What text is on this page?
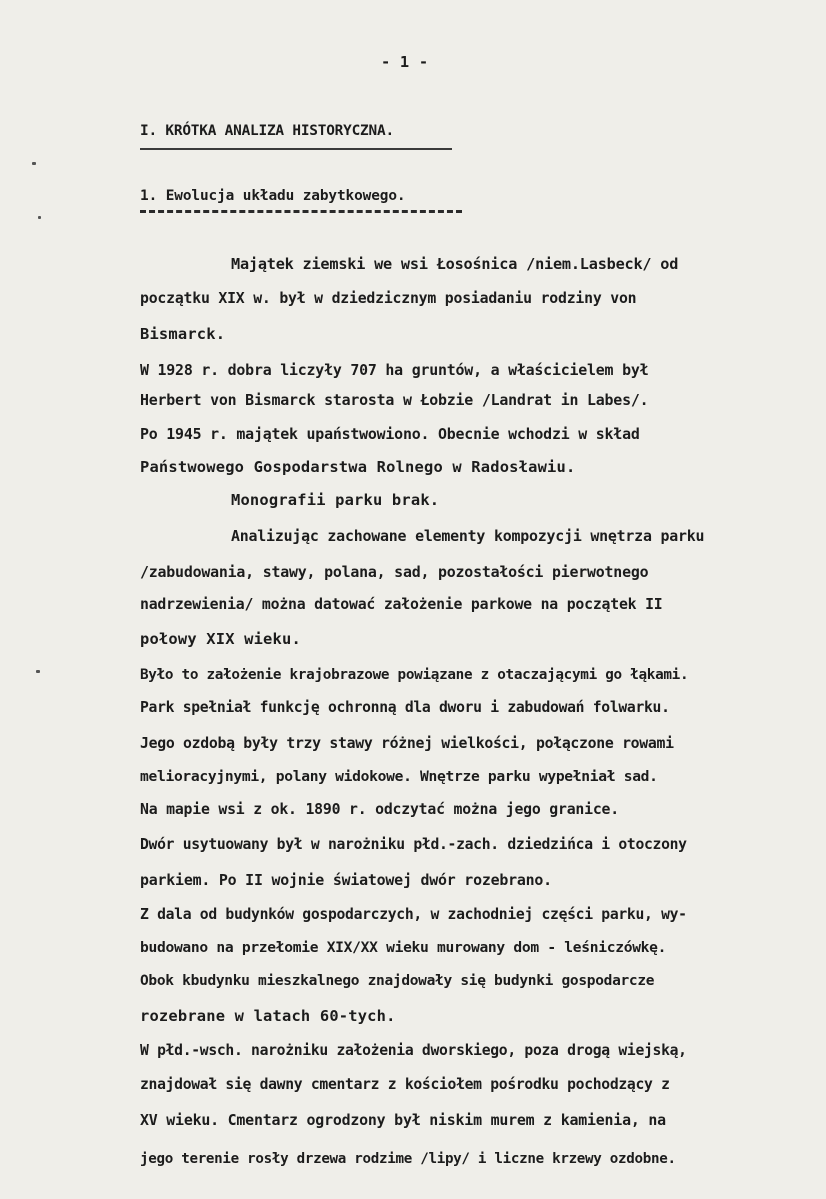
- 1 -
I. KRÓTKA ANALIZA HISTORYCZNA.
1. Ewolucja układu zabytkowego.
Majątek ziemski we wsi Łosośnica /niem.Lasbeck/ od
początku XIX w. był w dziedzicznym posiadaniu rodziny von
Bismarck.
W 1928 r. dobra liczyły 707 ha gruntów, a właścicielem był
Herbert von Bismarck starosta w Łobzie /Landrat in Labes/.
Po 1945 r. majątek upaństwowiono. Obecnie wchodzi w skład
Państwowego Gospodarstwa Rolnego w Radosławiu.
Monografii parku brak.
Analizując zachowane elementy kompozycji wnętrza parku
/zabudowania, stawy, polana, sad, pozostałości pierwotnego
nadrzewienia/ można datować założenie parkowe na początek II
połowy XIX wieku.
Było to założenie krajobrazowe powiązane z otaczającymi go łąkami.
Park spełniał funkcję ochronną dla dworu i zabudowań folwarku.
Jego ozdobą były trzy stawy różnej wielkości, połączone rowami
melioracyjnymi, polany widokowe. Wnętrze parku wypełniał sad.
Na mapie wsi z ok. 1890 r. odczytać można jego granice.
Dwór usytuowany był w narożniku płd.-zach. dziedzińca i otoczony
parkiem. Po II wojnie światowej dwór rozebrano.
Z dala od budynków gospodarczych, w zachodniej części parku, wy-
budowano na przełomie XIX/XX wieku murowany dom - leśniczówkę.
Obok kbudynku mieszkalnego znajdowały się budynki gospodarcze
rozebrane w latach 60-tych.
W płd.-wsch. narożniku założenia dworskiego, poza drogą wiejską,
znajdował się dawny cmentarz z kościołem pośrodku pochodzący z
XV wieku. Cmentarz ogrodzony był niskim murem z kamienia, na
jego terenie rosły drzewa rodzime /lipy/ i liczne krzewy ozdobne.
